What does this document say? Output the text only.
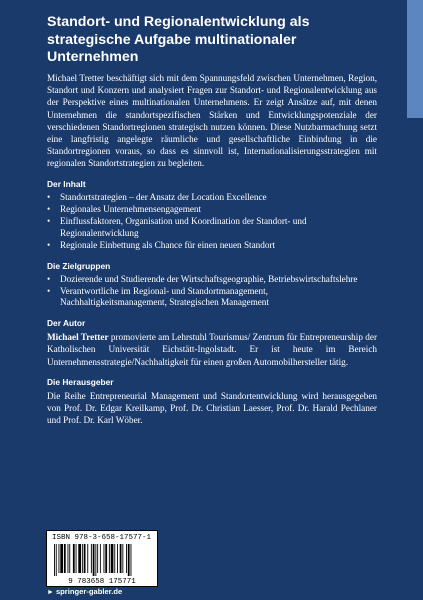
Standort- und Regionalentwicklung als strategische Aufgabe multinationaler Unternehmen

Michael Tretter beschäftigt sich mit dem Spannungsfeld zwischen Unternehmen, Region, Standort und Konzern und analysiert Fragen zur Standort- und Regionalentwicklung aus der Perspektive eines multinationalen Unternehmens. Er zeigt Ansätze auf, mit denen Unternehmen die standortspezifischen Stärken und Entwicklungspotenziale der verschiedenen Standortregionen strategisch nutzen können. Diese Nutzbarmachung setzt eine langfristig angelegte räumliche und gesellschaftliche Einbindung in die Standortregionen voraus, so dass es sinnvoll ist, Internationalisierungsstrategien mit regionalen Standortstrategien zu begleiten.

Der Inhalt
• Standortstrategien – der Ansatz der Location Excellence
• Regionales Unternehmensengagement
• Einflussfaktoren, Organisation und Koordination der Standort- und Regionalentwicklung
• Regionale Einbettung als Chance für einen neuen Standort
Die Zielgruppen
• Dozierende und Studierende der Wirtschaftsgeographie, Betriebswirtschaftslehre
• Verantwortliche im Regional- und Standortmanagement, Nachhaltigkeitsmanagement, Strategischen Management
Der Autor

Michael Tretter promovierte am Lehrstuhl Tourismus/ Zentrum für Entrepreneurship der Katholischen Universität Eichstätt-Ingolstadt. Er ist heute im Bereich Unternehmensstrategie/Nachhaltigkeit für einen großen Automobilhersteller tätig.

Die Herausgeber

Die Reihe Entrepreneurial Management und Standortentwicklung wird herausgegeben von Prof. Dr. Edgar Kreilkamp, Prof. Dr. Christian Laesser, Prof. Dr. Harald Pechlaner und Prof. Dr. Karl Wöber.

ISBN 978-3-658-17577-1
9 783658 175771
► springer-gabler.de
